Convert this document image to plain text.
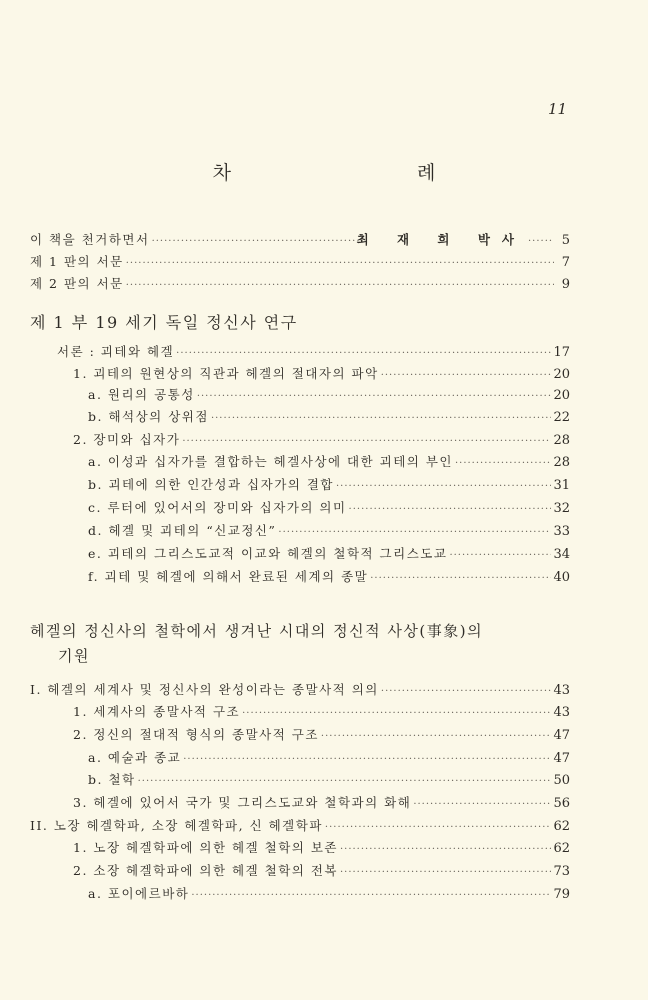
11
차 례
이 책을 천거하면서 ·····	최 재 희 박사 ·····	5
제 1 판의 서문 ·····	7
제 2 판의 서문 ·····	9
제 1 부 19 세기 독일 정신사 연구
서론 : 괴테와 헤겔 ·····	17
1. 괴테의 원현상의 직관과 헤겔의 절대자의 파악 ·····	20
a. 원리의 공통성 ·····	20
b. 해석상의 상위점 ·····	22
2. 장미와 십자가 ·····	28
a. 이성과 십자가를 결합하는 헤겔사상에 대한 괴테의 부인 ·····	28
b. 괴테에 의한 인간성과 십자가의 결합 ·····	31
c. 루터에 있어서의 장미와 십자가의 의미 ·····	32
d. 헤겔 및 괴테의 “신교정신” ·····	33
e. 괴테의 그리스도교적 이교와 헤겔의 철학적 그리스도교 ·····	34
f. 괴테 및 헤겔에 의해서 완료된 세계의 종말 ·····	40
헤겔의 정신사의 철학에서 생겨난 시대의 정신적 사상(事象)의
기원
I. 헤겔의 세계사 및 정신사의 완성이라는 종말사적 의의 ·····	43
1. 세계사의 종말사적 구조 ·····	43
2. 정신의 절대적 형식의 종말사적 구조 ·····	47
a. 예술과 종교 ·····	47
b. 철학 ·····	50
3. 헤겔에 있어서 국가 및 그리스도교와 철학과의 화해 ·····	56
II. 노장 헤겔학파, 소장 헤겔학파, 신 헤겔학파 ·····	62
1. 노장 헤겔학파에 의한 헤겔 철학의 보존 ·····	62
2. 소장 헤겔학파에 의한 헤겔 철학의 전복 ·····	73
a. 포이에르바하 ·····	79
